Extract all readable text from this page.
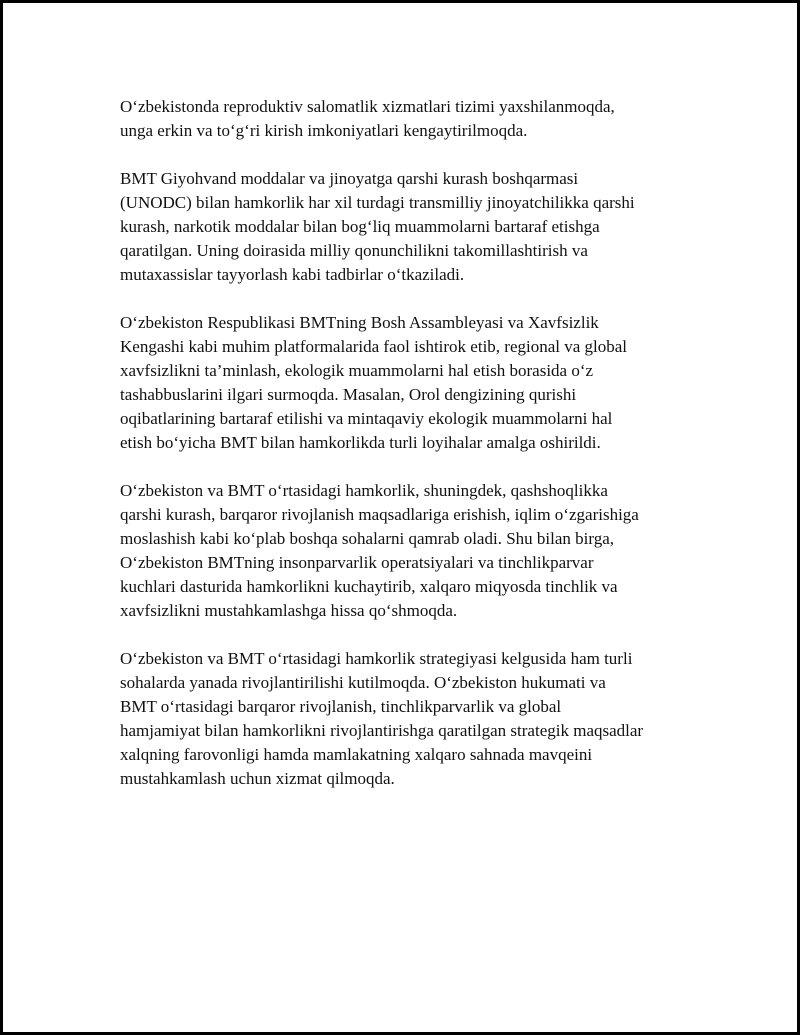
O‘zbekistonda reproduktiv salomatlik xizmatlari tizimi yaxshilanmoqda,
unga erkin va to‘g‘ri kirish imkoniyatlari kengaytirilmoqda.

BMT Giyohvand moddalar va jinoyatga qarshi kurash boshqarmasi
(UNODC) bilan hamkorlik har xil turdagi transmilliy jinoyatchilikka qarshi
kurash, narkotik moddalar bilan bog‘liq muammolarni bartaraf etishga
qaratilgan. Uning doirasida milliy qonunchilikni takomillashtirish va
mutaxassislar tayyorlash kabi tadbirlar o‘tkaziladi.

O‘zbekiston Respublikasi BMTning Bosh Assambleyasi va Xavfsizlik
Kengashi kabi muhim platformalarida faol ishtirok etib, regional va global
xavfsizlikni ta’minlash, ekologik muammolarni hal etish borasida o‘z
tashabbuslarini ilgari surmoqda. Masalan, Orol dengizining qurishi
oqibatlarining bartaraf etilishi va mintaqaviy ekologik muammolarni hal
etish bo‘yicha BMT bilan hamkorlikda turli loyihalar amalga oshirildi.

O‘zbekiston va BMT o‘rtasidagi hamkorlik, shuningdek, qashshoqlikka
qarshi kurash, barqaror rivojlanish maqsadlariga erishish, iqlim o‘zgarishiga
moslashish kabi ko‘plab boshqa sohalarni qamrab oladi. Shu bilan birga,
O‘zbekiston BMTning insonparvarlik operatsiyalari va tinchlikparvar
kuchlari dasturida hamkorlikni kuchaytirib, xalqaro miqyosda tinchlik va
xavfsizlikni mustahkamlashga hissa qo‘shmoqda.

O‘zbekiston va BMT o‘rtasidagi hamkorlik strategiyasi kelgusida ham turli
sohalarda yanada rivojlantirilishi kutilmoqda. O‘zbekiston hukumati va
BMT o‘rtasidagi barqaror rivojlanish, tinchlikparvarlik va global
hamjamiyat bilan hamkorlikni rivojlantirishga qaratilgan strategik maqsadlar
xalqning farovonligi hamda mamlakatning xalqaro sahnada mavqeini
mustahkamlash uchun xizmat qilmoqda.
